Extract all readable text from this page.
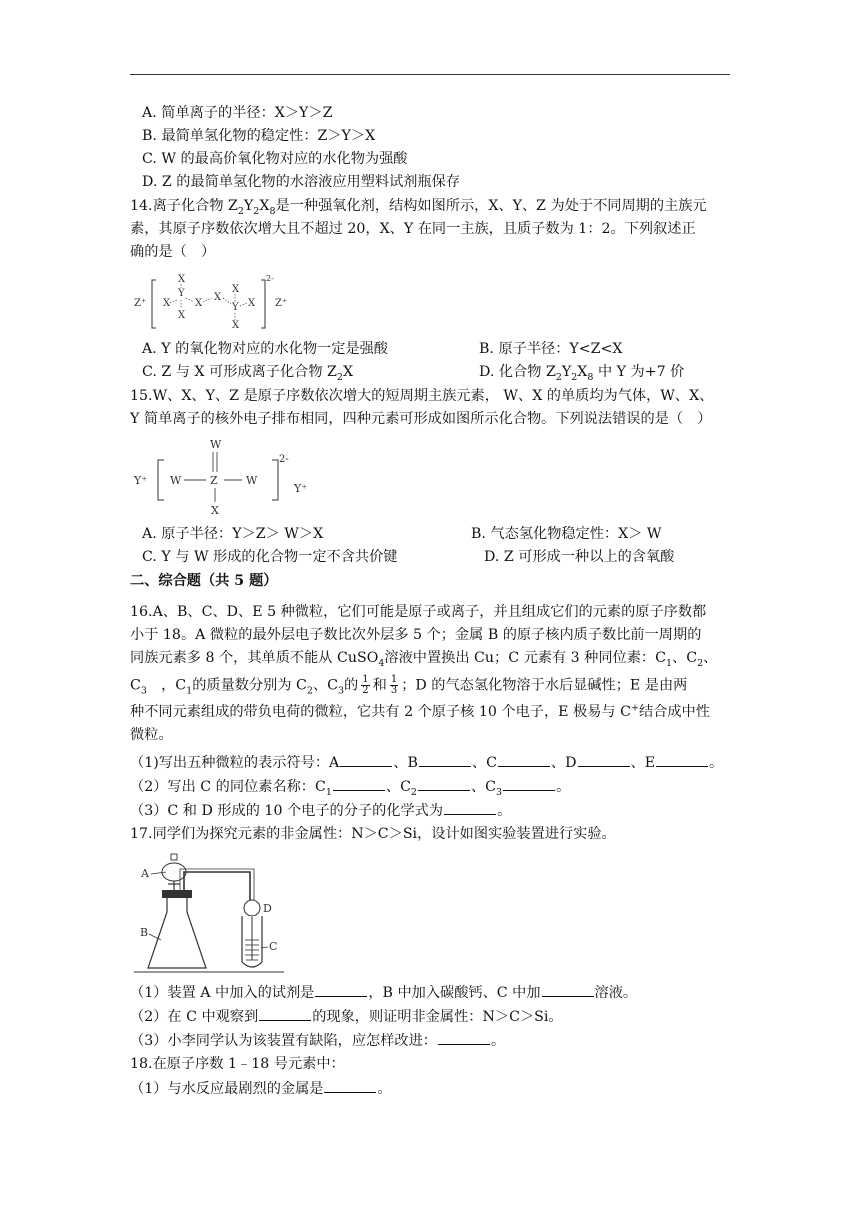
A. 简单离子的半径：X＞Y＞Z
B. 最简单氢化物的稳定性：Z＞Y＞X
C. W 的最高价氧化物对应的水化物为强酸
D. Z 的最简单氢化物的水溶液应用塑料试剂瓶保存
14.离子化合物 $Z_2Y_2X_8$是一种强氧化剂，结构如图所示，X、Y、Z 为处于不同周期的主族元
素，其原子序数依次增大且不超过 20，X、Y 在同一主族，且质子数为 1：2。下列叙述正
确的是（　）
Z⁺
2-
Z⁺
X
Y
X
X
X
X
X
Y X
X
A. Y 的氧化物对应的水化物一定是强酸	B. 原子半径：Y<Z<X
C. Z 与 X 可形成离子化合物 $Z_2X$	D. 化合物 $Z_2Y_2X_8$ 中 Y 为+7 价
15.W、X、Y、Z 是原子序数依次增大的短周期主族元素， W、X 的单质均为气体，W、X、
Y 简单离子的核外电子排布相同，四种元素可形成如图所示化合物。下列说法错误的是（　）
Y⁺
2-
Y⁺
W
W	Z	W
X
A. 原子半径：Y＞Z＞ W＞X	B. 气态氢化物稳定性：X＞ W
C. Y 与 W 形成的化合物一定不含共价键	D. Z 可形成一种以上的含氧酸
二、综合题（共 5 题）
16.A、B、C、D、E 5 种微粒，它们可能是原子或离子，并且组成它们的元素的原子序数都
小于 18。A 微粒的最外层电子数比次外层多 5 个；金属 B 的原子核内质子数比前一周期的
同族元素多 8 个，其单质不能从 CuSO$_4$溶液中置换出 Cu；C 元素有 3 种同位素：$C_1$、$C_2$、
$C_3$　 ，$C_1$的质量数分别为 $C_2$、$C_3$的 $\frac{1}{2}$ 和 $\frac{1}{3}$ ；D 的气态氢化物溶于水后显碱性；E 是由两
种不同元素组成的带负电荷的微粒，它共有 2 个原子核 10 个电子，E 极易与 C+结合成中性
微粒。
（1)写出五种微粒的表示符号：A	、B	、C	、D	、E	。
（2）写出 C 的同位素名称：$C_1$	、$C_2$	、$C_3$	。
（3）C 和 D 形成的 10 个电子的分子的化学式为	。
17.同学们为探究元素的非金属性：N＞C＞Si，设计如图实验装置进行实验。
A
B
D
C
（1）装置 A 中加入的试剂是	，B 中加入碳酸钙、C 中加	溶液。
（2）在 C 中观察到	的现象，则证明非金属性：N＞C＞Si。
（3）小李同学认为该装置有缺陷，应怎样改进：	。
18.在原子序数 1﹣18 号元素中：
（1）与水反应最剧烈的金属是	。
